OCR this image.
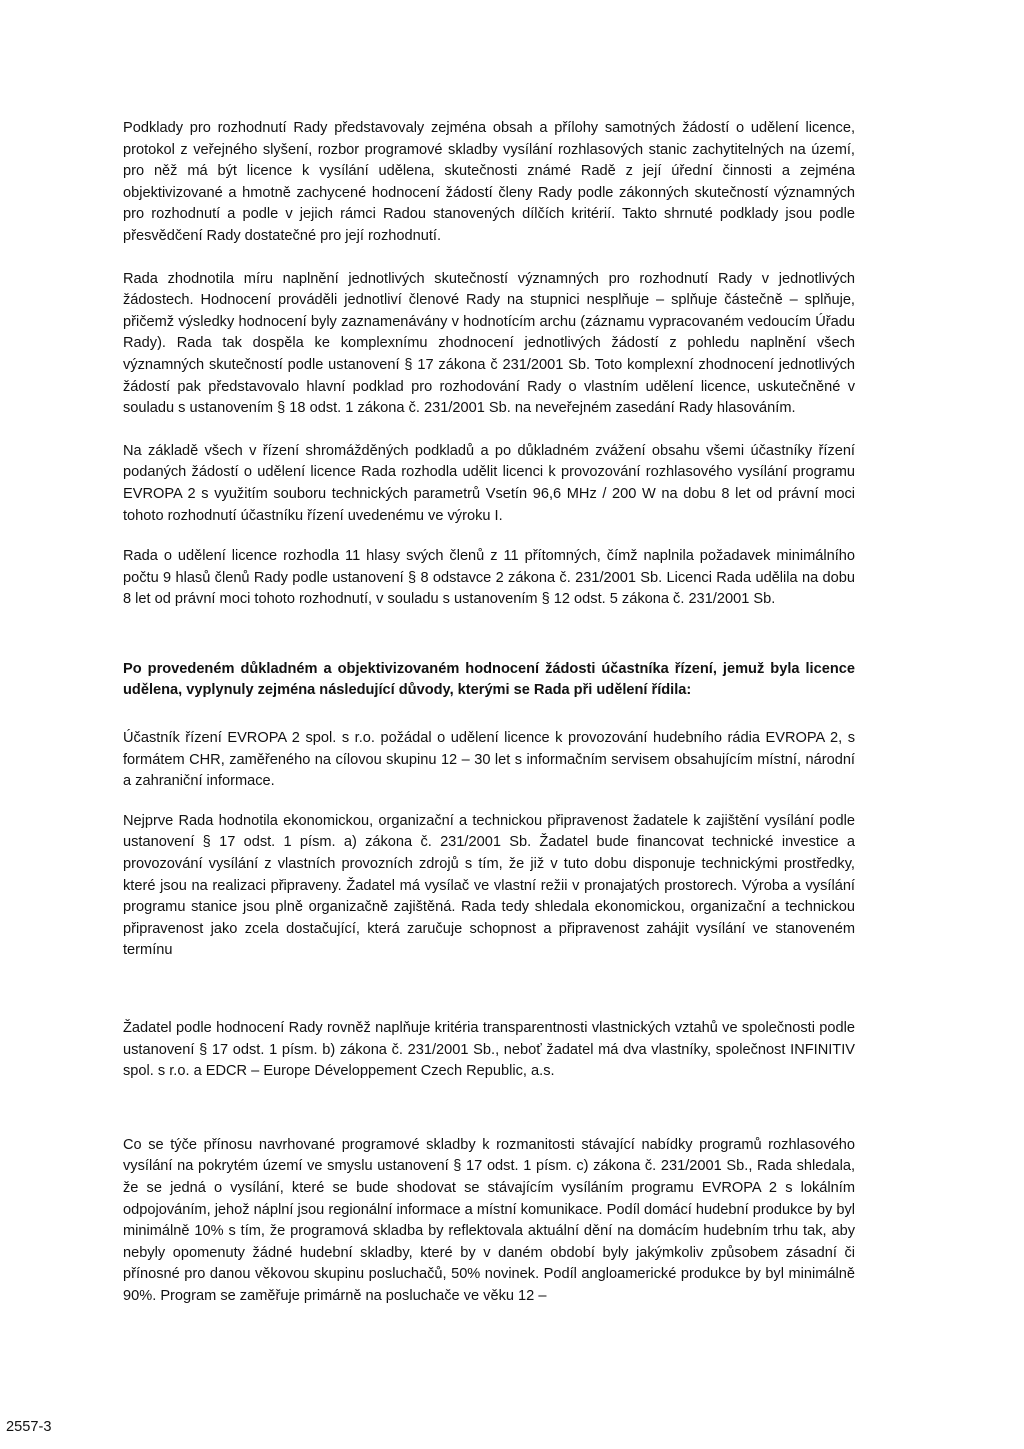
Podklady pro rozhodnutí Rady představovaly zejména obsah a přílohy samotných žádostí o udělení licence, protokol z veřejného slyšení, rozbor programové skladby vysílání rozhlasových stanic zachytitelných na území, pro něž má být licence k vysílání udělena, skutečnosti známé Radě z její úřední činnosti a zejména objektivizované a hmotně zachycené hodnocení žádostí členy Rady podle zákonných skutečností významných pro rozhodnutí a podle v jejich rámci Radou stanovených dílčích kritérií. Takto shrnuté podklady jsou podle přesvědčení Rady dostatečné pro její rozhodnutí.

Rada zhodnotila míru naplnění jednotlivých skutečností významných pro rozhodnutí Rady v jednotlivých žádostech. Hodnocení prováděli jednotliví členové Rady na stupnici nesplňuje – splňuje částečně – splňuje, přičemž výsledky hodnocení byly zaznamenávány v hodnotícím archu (záznamu vypracovaném vedoucím Úřadu Rady). Rada tak dospěla ke komplexnímu zhodnocení jednotlivých žádostí z pohledu naplnění všech významných skutečností podle ustanovení § 17 zákona č 231/2001 Sb. Toto komplexní zhodnocení jednotlivých žádostí pak představovalo hlavní podklad pro rozhodování Rady o vlastním udělení licence, uskutečněné v souladu s ustanovením § 18 odst. 1 zákona č. 231/2001 Sb. na neveřejném zasedání Rady hlasováním.

Na základě všech v řízení shromážděných podkladů a po důkladném zvážení obsahu všemi účastníky řízení podaných žádostí o udělení licence Rada rozhodla udělit licenci k provozování rozhlasového vysílání programu EVROPA 2 s využitím souboru technických parametrů Vsetín 96,6 MHz / 200 W na dobu 8 let od právní moci tohoto rozhodnutí účastníku řízení uvedenému ve výroku I.

Rada o udělení licence rozhodla 11 hlasy svých členů z 11 přítomných, čímž naplnila požadavek minimálního počtu 9 hlasů členů Rady podle ustanovení § 8 odstavce 2 zákona č. 231/2001 Sb. Licenci Rada udělila na dobu 8 let od právní moci tohoto rozhodnutí, v souladu s ustanovením § 12 odst. 5 zákona č. 231/2001 Sb.

Po provedeném důkladném a objektivizovaném hodnocení žádosti účastníka řízení, jemuž byla licence udělena, vyplynuly zejména následující důvody, kterými se Rada při udělení řídila:

Účastník řízení EVROPA 2 spol. s r.o. požádal o udělení licence k provozování hudebního rádia EVROPA 2, s formátem CHR, zaměřeného na cílovou skupinu 12 – 30 let s informačním servisem obsahujícím místní, národní a zahraniční informace.

Nejprve Rada hodnotila ekonomickou, organizační a technickou připravenost žadatele k zajištění vysílání podle ustanovení § 17 odst. 1 písm. a) zákona č. 231/2001 Sb. Žadatel bude financovat technické investice a provozování vysílání z vlastních provozních zdrojů s tím, že již v tuto dobu disponuje technickými prostředky, které jsou na realizaci připraveny. Žadatel má vysílač ve vlastní režii v pronajatých prostorech. Výroba a vysílání programu stanice jsou plně organizačně zajištěná. Rada tedy shledala ekonomickou, organizační a technickou připravenost jako zcela dostačující, která zaručuje schopnost a připravenost zahájit vysílání ve stanoveném termínu

Žadatel podle hodnocení Rady rovněž naplňuje kritéria transparentnosti vlastnických vztahů ve společnosti podle ustanovení § 17 odst. 1 písm. b) zákona č. 231/2001 Sb., neboť žadatel má dva vlastníky, společnost INFINITIV spol. s r.o. a EDCR – Europe Développement Czech Republic, a.s.

Co se týče přínosu navrhované programové skladby k rozmanitosti stávající nabídky programů rozhlasového vysílání na pokrytém území ve smyslu ustanovení § 17 odst. 1 písm. c) zákona č. 231/2001 Sb., Rada shledala, že se jedná o vysílání, které se bude shodovat se stávajícím vysíláním programu EVROPA 2 s lokálním odpojováním, jehož náplní jsou regionální informace a místní komunikace. Podíl domácí hudební produkce by byl minimálně 10% s tím, že programová skladba by reflektovala aktuální dění na domácím hudebním trhu tak, aby nebyly opomenuty žádné hudební skladby, které by v daném období byly jakýmkoliv způsobem zásadní či přínosné pro danou věkovou skupinu posluchačů, 50% novinek. Podíl angloamerické produkce by byl minimálně 90%. Program se zaměřuje primárně na posluchače ve věku 12 –

2557-3
